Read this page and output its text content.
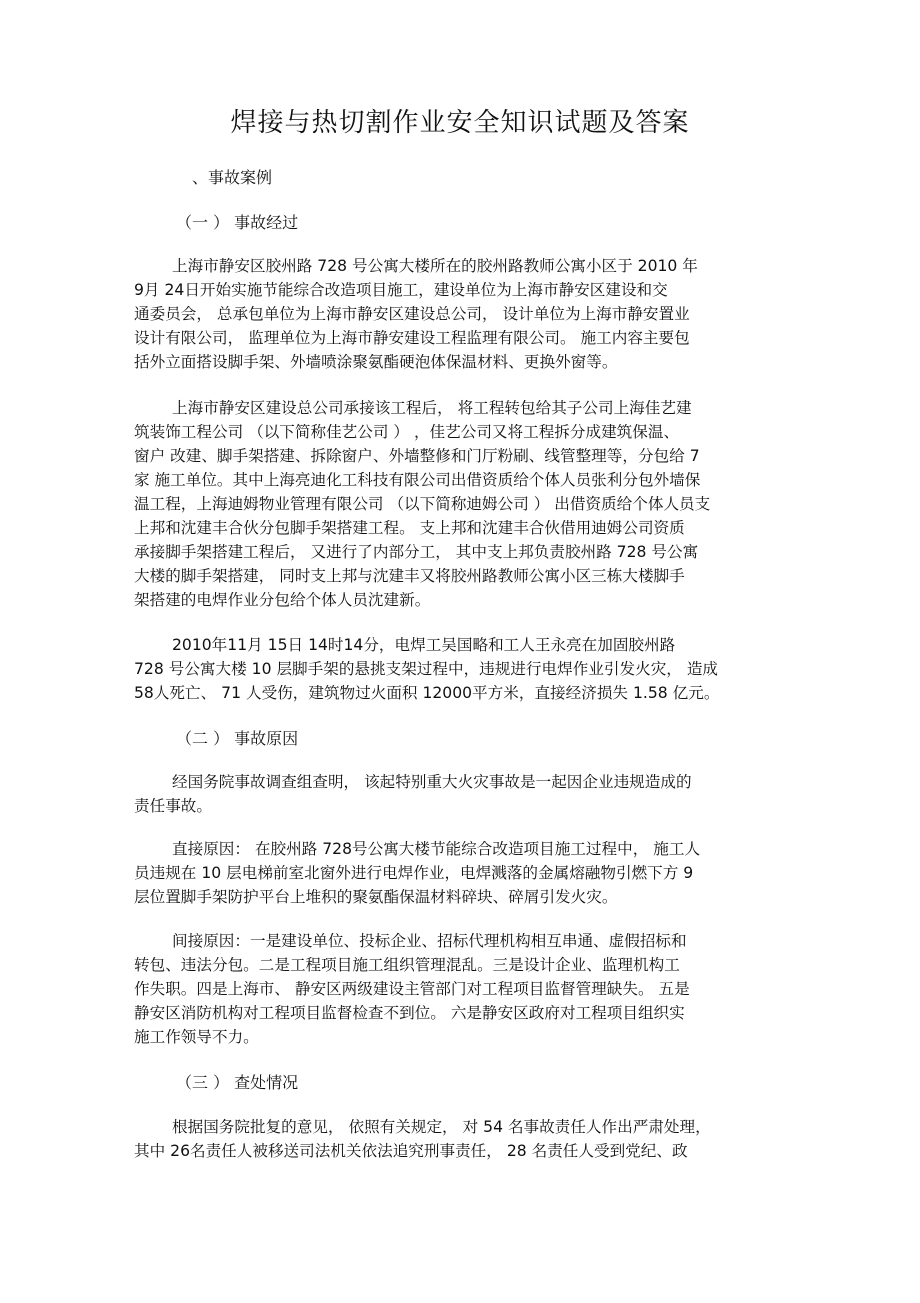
焊接与热切割作业安全知识试题及答案

、事故案例

（一 ） 事故经过

上海市静安区胶州路 728 号公寓大楼所在的胶州路教师公寓小区于 2010 年
9月 24日开始实施节能综合改造项目施工，建设单位为上海市静安区建设和交
通委员会， 总承包单位为上海市静安区建设总公司， 设计单位为上海市静安置业
设计有限公司， 监理单位为上海市静安建设工程监理有限公司。 施工内容主要包
括外立面搭设脚手架、外墙喷涂聚氨酯硬泡体保温材料、更换外窗等。

上海市静安区建设总公司承接该工程后， 将工程转包给其子公司上海佳艺建
筑装饰工程公司 （以下简称佳艺公司 ） ，佳艺公司又将工程拆分成建筑保温、
窗户 改建、脚手架搭建、拆除窗户、外墙整修和门厅粉刷、线管整理等，分包给 7
家 施工单位。其中上海亮迪化工科技有限公司出借资质给个体人员张利分包外墙保
温工程，上海迪姆物业管理有限公司 （以下简称迪姆公司 ） 出借资质给个体人员支
上邦和沈建丰合伙分包脚手架搭建工程。 支上邦和沈建丰合伙借用迪姆公司资质
承接脚手架搭建工程后， 又进行了内部分工， 其中支上邦负责胶州路 728 号公寓
大楼的脚手架搭建， 同时支上邦与沈建丰又将胶州路教师公寓小区三栋大楼脚手
架搭建的电焊作业分包给个体人员沈建新。

2010年11月 15日 14时14分，电焊工吴国略和工人王永亮在加固胶州路
728 号公寓大楼 10 层脚手架的悬挑支架过程中，违规进行电焊作业引发火灾， 造成
58人死亡、 71 人受伤，建筑物过火面积 12000平方米，直接经济损失 1.58 亿元。

（二 ） 事故原因

经国务院事故调查组查明， 该起特别重大火灾事故是一起因企业违规造成的
责任事故。

直接原因： 在胶州路 728号公寓大楼节能综合改造项目施工过程中， 施工人
员违规在 10 层电梯前室北窗外进行电焊作业，电焊溅落的金属熔融物引燃下方 9
层位置脚手架防护平台上堆积的聚氨酯保温材料碎块、碎屑引发火灾。

间接原因：一是建设单位、投标企业、招标代理机构相互串通、虚假招标和
转包、违法分包。二是工程项目施工组织管理混乱。三是设计企业、监理机构工
作失职。四是上海市、 静安区两级建设主管部门对工程项目监督管理缺失。 五是
静安区消防机构对工程项目监督检查不到位。 六是静安区政府对工程项目组织实
施工作领导不力。

（三 ） 查处情况

根据国务院批复的意见， 依照有关规定， 对 54 名事故责任人作出严肃处理，
其中 26名责任人被移送司法机关依法追究刑事责任， 28 名责任人受到党纪、政
